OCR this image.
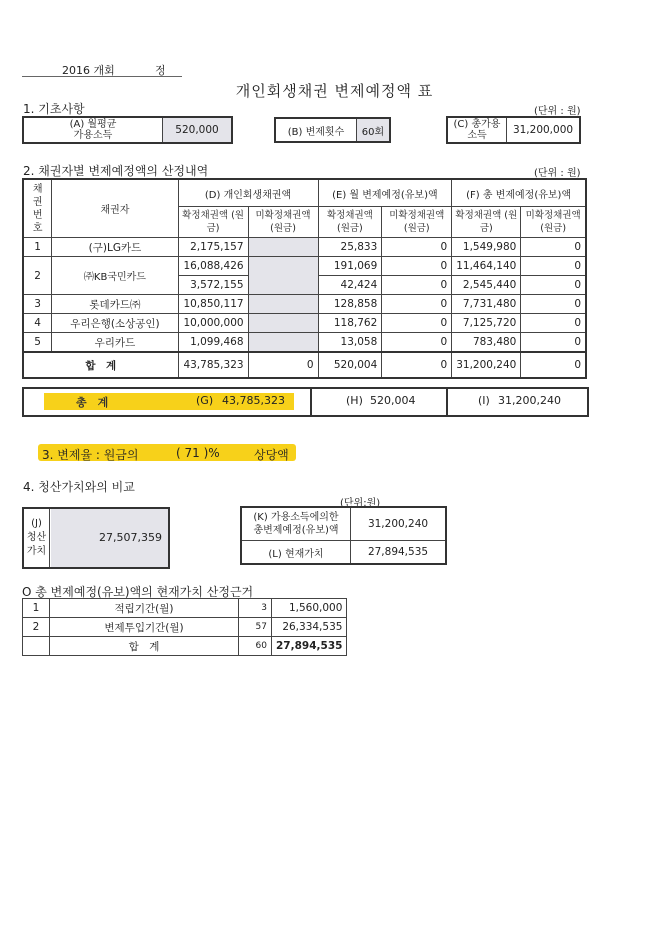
2016 개회	정
개인회생채권 변제예정액 표
1. 기초사항	(단위 : 원)
(A) 월평균
가용소득	520,000	(B) 변제횟수	60회
(C) 총가용
소득	31,200,000
2. 채권자별 변제예정액의 산정내역	(단위 : 원)
채권 번호	채권자	(D) 개인회생채권액		(E) 월 변제예정(유보)액		(F) 총 변제예정(유보)액	
		확정채권액 (원금)	미확정채권액 (원금)	확정채권액 (원금)	미확정채권액 (원금)	확정채권액 (원금)	미확정채권액 (원금)
1	(구)LG카드	2,175,157		25,833	0	1,549,980	0
2	㈜KB국민카드	16,088,426		191,069	0	11,464,140	0
		3,572,155		42,424	0	2,545,440	0
3	롯데카드㈜	10,850,117		128,858	0	7,731,480	0
4	우리은행(소상공인)	10,000,000		118,762	0	7,125,720	0
5	우리카드	1,099,468		13,058	0	783,480	0
합　계		43,785,323	0	520,004	0	31,200,240	0
총　계	(G) 43,785,323	(H) 520,004	(I) 31,200,240
3. 변제율 : 원금의	( 71 )%	상당액
4. 청산가치와의 비교
(단위:원)
(J)
청산
가치
27,507,359
(K) 가용소득에의한
총변제예정(유보)액	31,200,240
(L) 현재가치	27,894,535
O 총 변제예정(유보)액의 현재가치 산정근거
1	적립기간(월)	3	1,560,000
2	변제투입기간(월)	57	26,334,535
	합　계	60	27,894,535
